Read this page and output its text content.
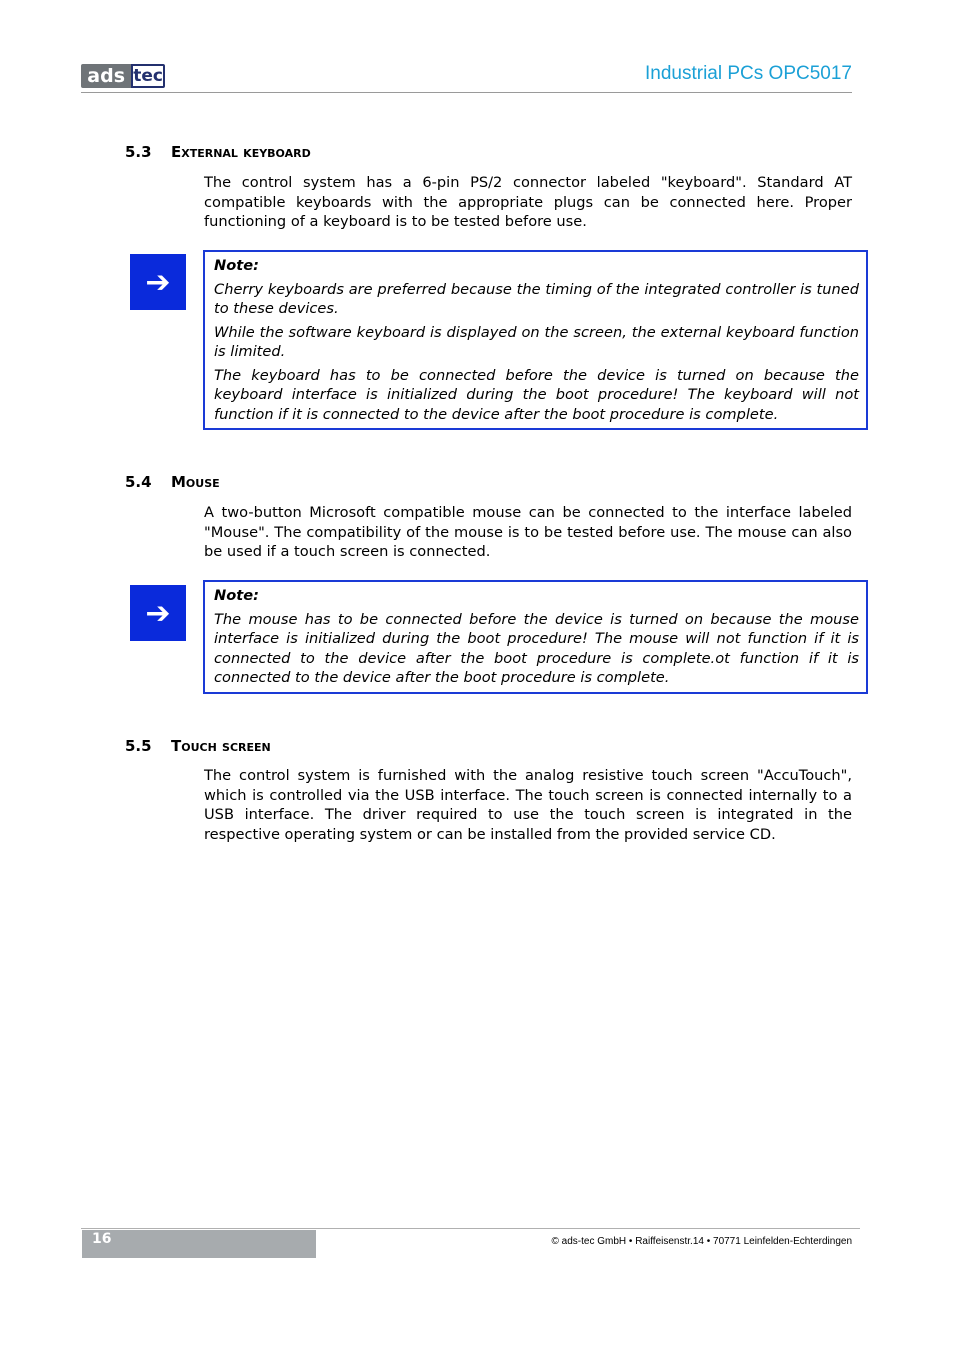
ads tec	Industrial PCs OPC5017
5.3 External keyboard
The control system has a 6-pin PS/2 connector labeled "keyboard". Standard AT compatible keyboards with the appropriate plugs can be connected here. Proper functioning of a keyboard is to be tested before use.
➔	Note:

Cherry keyboards are preferred because the timing of the integrated controller is tuned to these devices.

While the software keyboard is displayed on the screen, the external keyboard function is limited.

The keyboard has to be connected before the device is turned on because the keyboard interface is initialized during the boot procedure! The keyboard will not function if it is connected to the device after the boot procedure is complete.

5.4 Mouse
A two-button Microsoft compatible mouse can be connected to the interface labeled "Mouse". The compatibility of the mouse is to be tested before use. The mouse can also be used if a touch screen is connected.
➔	Note:

The mouse has to be connected before the device is turned on because the mouse interface is initialized during the boot procedure! The mouse will not function if it is connected to the device after the boot procedure is complete.ot function if it is connected to the device after the boot procedure is complete.

5.5 Touch screen
The control system is furnished with the analog resistive touch screen "AccuTouch", which is controlled via the USB interface. The touch screen is connected internally to a USB interface. The driver required to use the touch screen is integrated in the respective operating system or can be installed from the provided service CD.
16	© ads-tec GmbH • Raiffeisenstr.14 • 70771 Leinfelden-Echterdingen
